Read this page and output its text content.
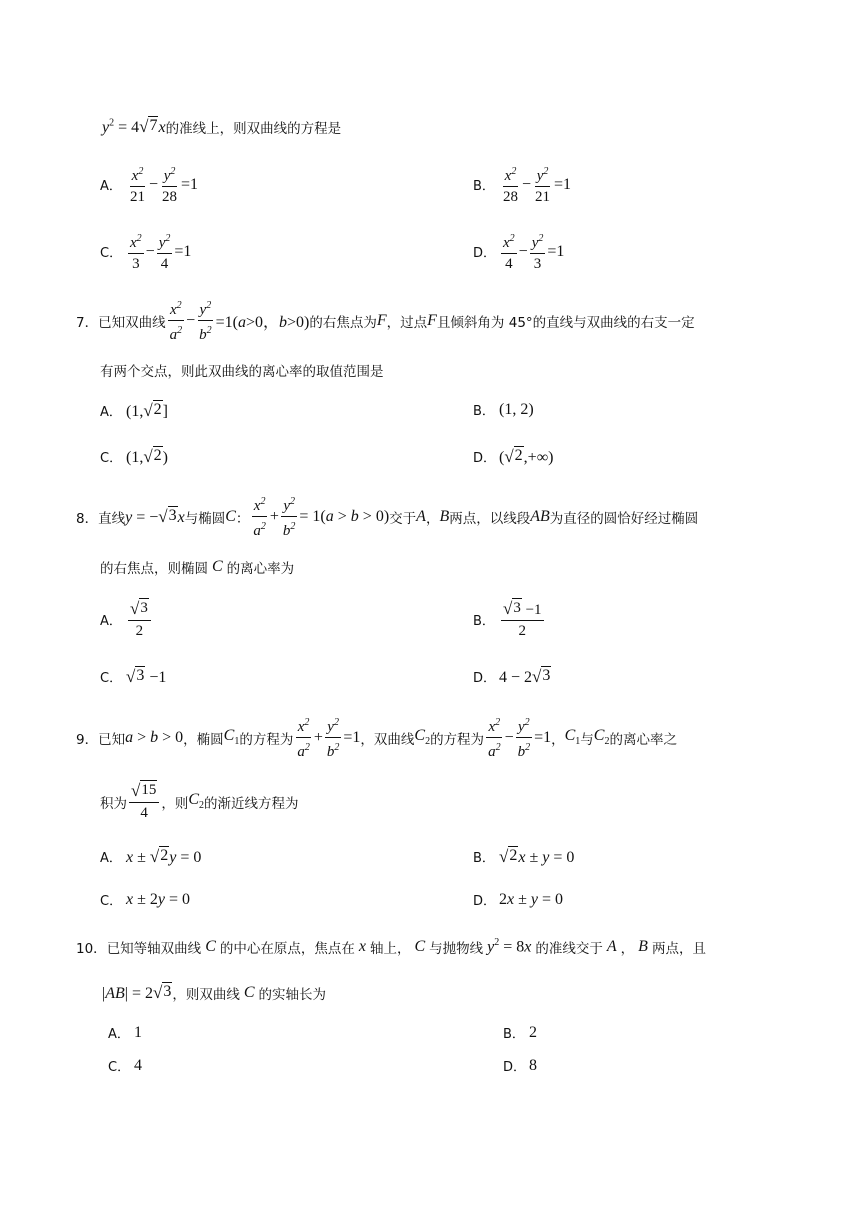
$y^2 = 4$ √ 7 x 的准线上，则双曲线的方程是
A． $\frac{x^2}{21} - \frac{y^2}{28} =1$	B． $\frac{x^2}{28} - \frac{y^2}{21} =1$
C． $\frac{x^2}{3} - \frac{y^2}{4} =1$	D． $\frac{x^2}{4} - \frac{y^2}{3} =1$
7． 已知双曲线 $\frac{x^2}{a^2} - \frac{y^2}{b^2} =1(a>0$，b>0) 的右焦点为 F ，过点 F 且倾斜角为 45°的直线与双曲线的右支一定
有两个交点，则此双曲线的离心率的取值范围是
A． (1, √ 2 ]	B． (1, 2)
C． (1, √ 2 )	D． ( √ 2 ,+∞)
8． 直线 y = − √ 3 x 与椭圆 C ： $\frac{x^2}{a^2} + \frac{y^2}{b^2} = 1(a > b > 0)$ 交于 A ， B 两点，以线段 AB 为直径的圆恰好经过椭圆
的右焦点，则椭圆 C 的离心率为
A． $\frac{√ 3}{2}$	B． $\frac{√ 3 -1}{2}$
C． √ 3 −1	D． 4 − 2 √ 3
9． 已知 a > b > 0 ，椭圆 $C_1$ 的方程为 $\frac{x^2}{a^2} + \frac{y^2}{b^2} =1$ ，双曲线 $C_2$ 的方程为 $\frac{x^2}{a^2} - \frac{y^2}{b^2} =1$ ， $C_1$ 与 $C_2$ 的离心率之
积为 $\frac{√ 15}{4}$ ，则 $C_2$ 的渐近线方程为
A． x ± √ 2 y = 0	B． √ 2 x ± y = 0
C． x ± 2y = 0	D． 2x ± y = 0
10． 已知等轴双曲线 C 的中心在原点，焦点在 x 轴上， C 与抛物线 $y^2 = 8x$ 的准线交于 A ， B 两点，且
|AB| = 2 √ 3 ，则双曲线 C 的实轴长为
A． 1	B． 2
C． 4	D． 8
